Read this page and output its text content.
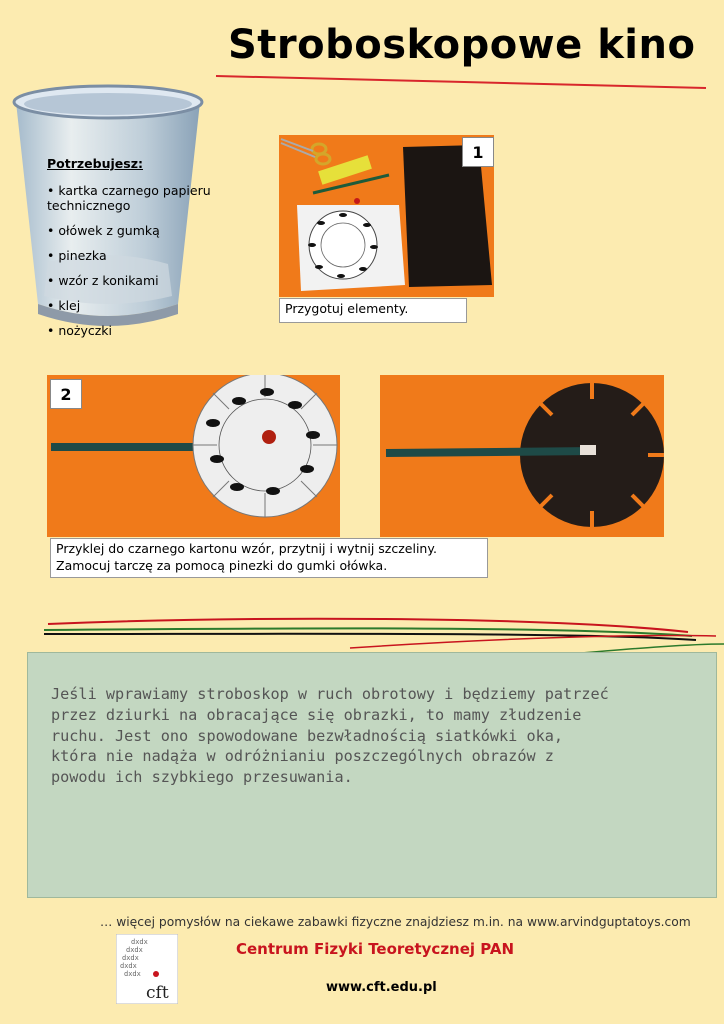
Stroboskopowe kino
Potrzebujesz:
• kartka czarnego papieru technicznego
• ołówek z gumką
• pinezka
• wzór z konikami
• klej
• nożyczki
1
Przygotuj elementy.
2
Przyklej do czarnego kartonu wzór, przytnij i wytnij szczeliny.
Zamocuj tarczę za pomocą pinezki do gumki ołówka.
Jeśli wprawiamy stroboskop w ruch obrotowy i będziemy patrzeć
przez dziurki na obracające się obrazki, to mamy złudzenie
ruchu. Jest ono spowodowane bezwładnością siatkówki oka,
która nie nadąża w odróżnianiu poszczególnych obrazów z
powodu ich szybkiego przesuwania.
… więcej pomysłów na ciekawe zabawki fizyczne znajdziesz m.in. na www.arvindguptatoys.com
dxdx
dxdx
dxdx
dxdx
dxdx
cft
Centrum Fizyki Teoretycznej PAN
www.cft.edu.pl
